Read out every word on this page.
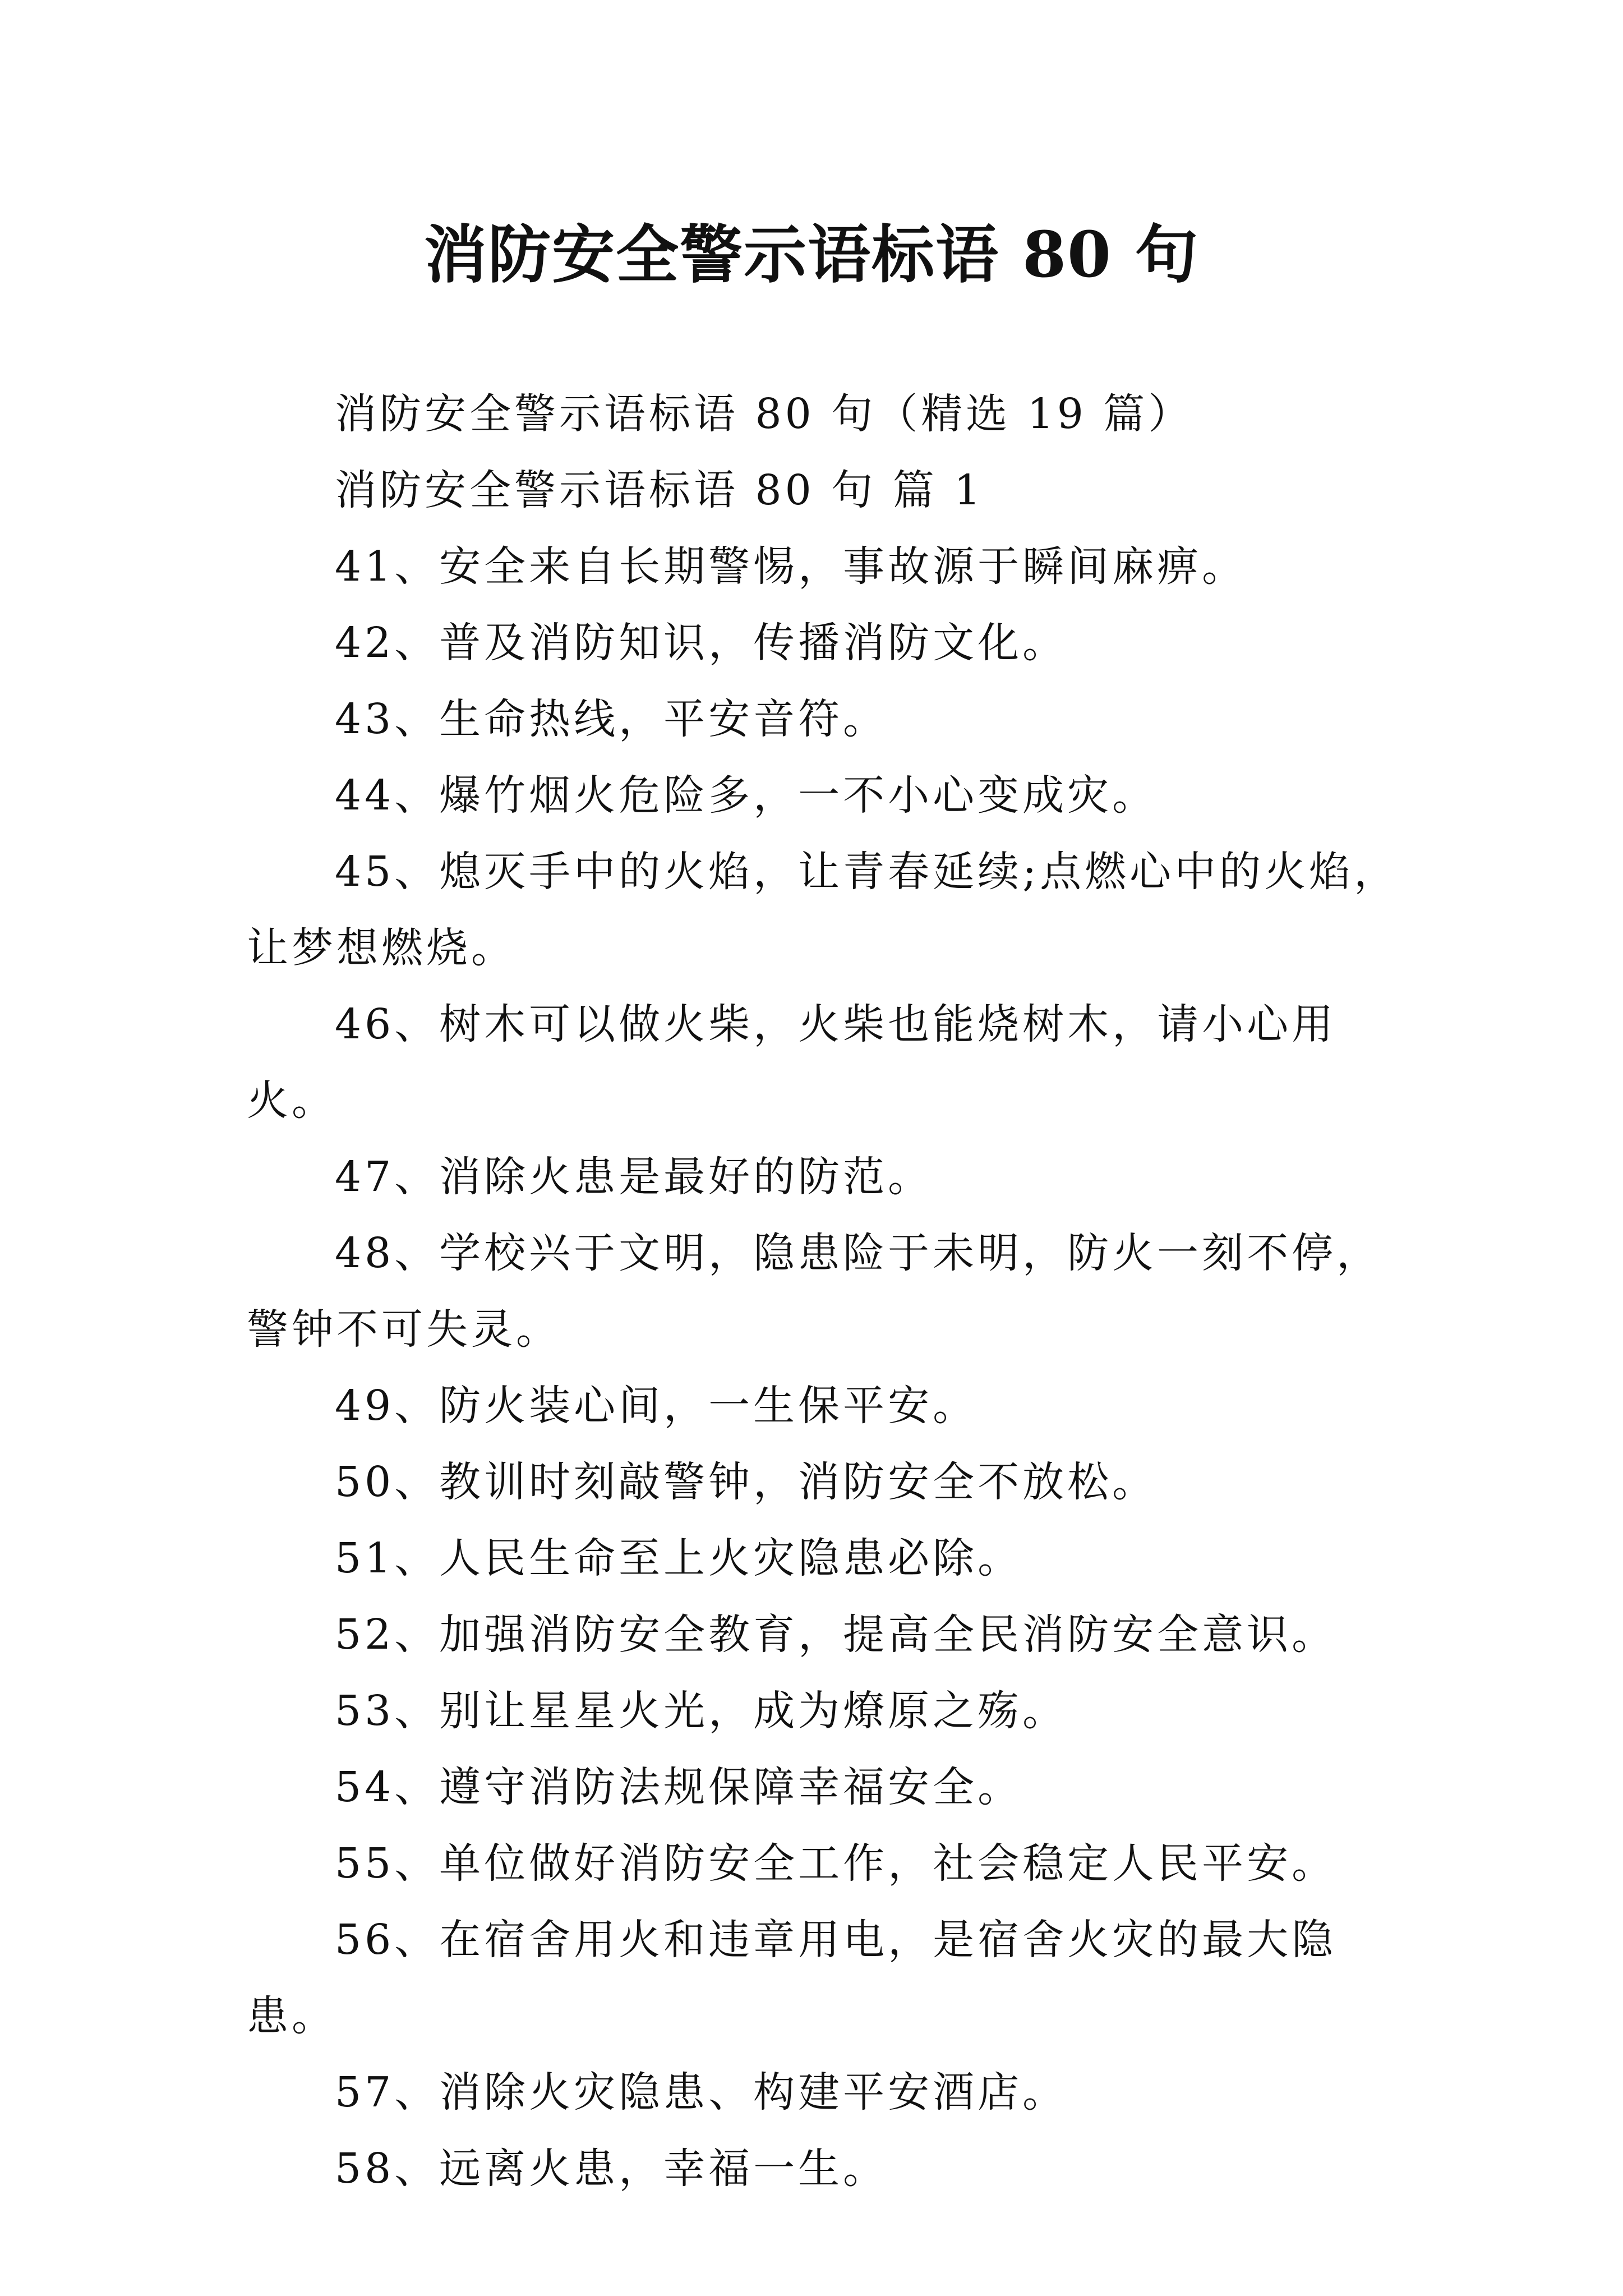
消防安全警示语标语 80 句

消防安全警示语标语 80 句（精选 19 篇）

消防安全警示语标语 80 句 篇 1

41、安全来自长期警惕，事故源于瞬间麻痹。

42、普及消防知识，传播消防文化。

43、生命热线，平安音符。

44、爆竹烟火危险多，一不小心变成灾。

45、熄灭手中的火焰，让青春延续;点燃心中的火焰，让梦想燃烧。

46、树木可以做火柴，火柴也能烧树木，请小心用火。

47、消除火患是最好的防范。

48、学校兴于文明，隐患险于未明，防火一刻不停，警钟不可失灵。

49、防火装心间，一生保平安。

50、教训时刻敲警钟，消防安全不放松。

51、人民生命至上火灾隐患必除。

52、加强消防安全教育，提高全民消防安全意识。

53、别让星星火光，成为燎原之殇。

54、遵守消防法规保障幸福安全。

55、单位做好消防安全工作，社会稳定人民平安。

56、在宿舍用火和违章用电，是宿舍火灾的最大隐患。

57、消除火灾隐患、构建平安酒店。

58、远离火患，幸福一生。
